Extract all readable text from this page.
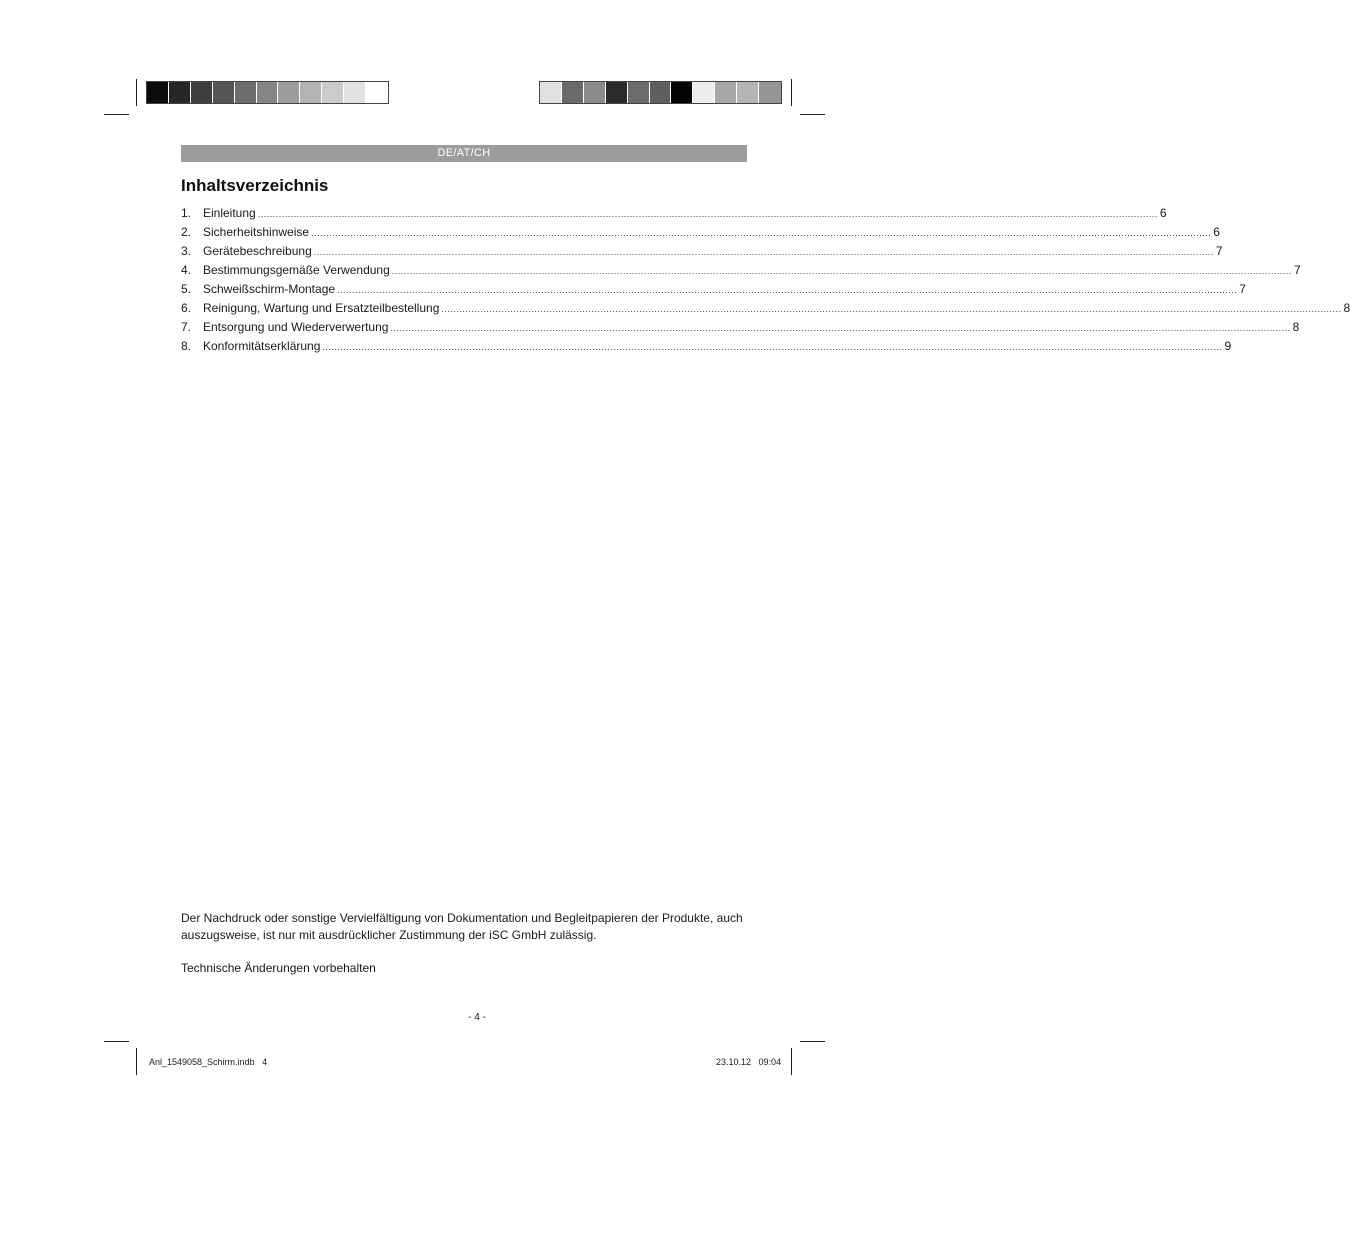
DE/AT/CH
Inhaltsverzeichnis
1. Einleitung ............................................................................................................................................................................................................................................................................................................ 6
2. Sicherheitshinweise ............................................................................................................................................................................................................................................................................................................ 6
3. Gerätebeschreibung ............................................................................................................................................................................................................................................................................................................ 7
4. Bestimmungsgemäße Verwendung ............................................................................................................................................................................................................................................................................................................ 7
5. Schweißschirm-Montage ............................................................................................................................................................................................................................................................................................................ 7
6. Reinigung, Wartung und Ersatzteilbestellung ............................................................................................................................................................................................................................................................................................................ 8
7. Entsorgung und Wiederverwertung ............................................................................................................................................................................................................................................................................................................ 8
8. Konformitätserklärung ............................................................................................................................................................................................................................................................................................................ 9
Der Nachdruck oder sonstige Vervielfältigung von Dokumentation und Begleitpapieren der Produkte, auch auszugsweise, ist nur mit ausdrücklicher Zustimmung der iSC GmbH zulässig.
Technische Änderungen vorbehalten
- 4 -
Anl_1549058_Schirm.indb   4	23.10.12   09:04
